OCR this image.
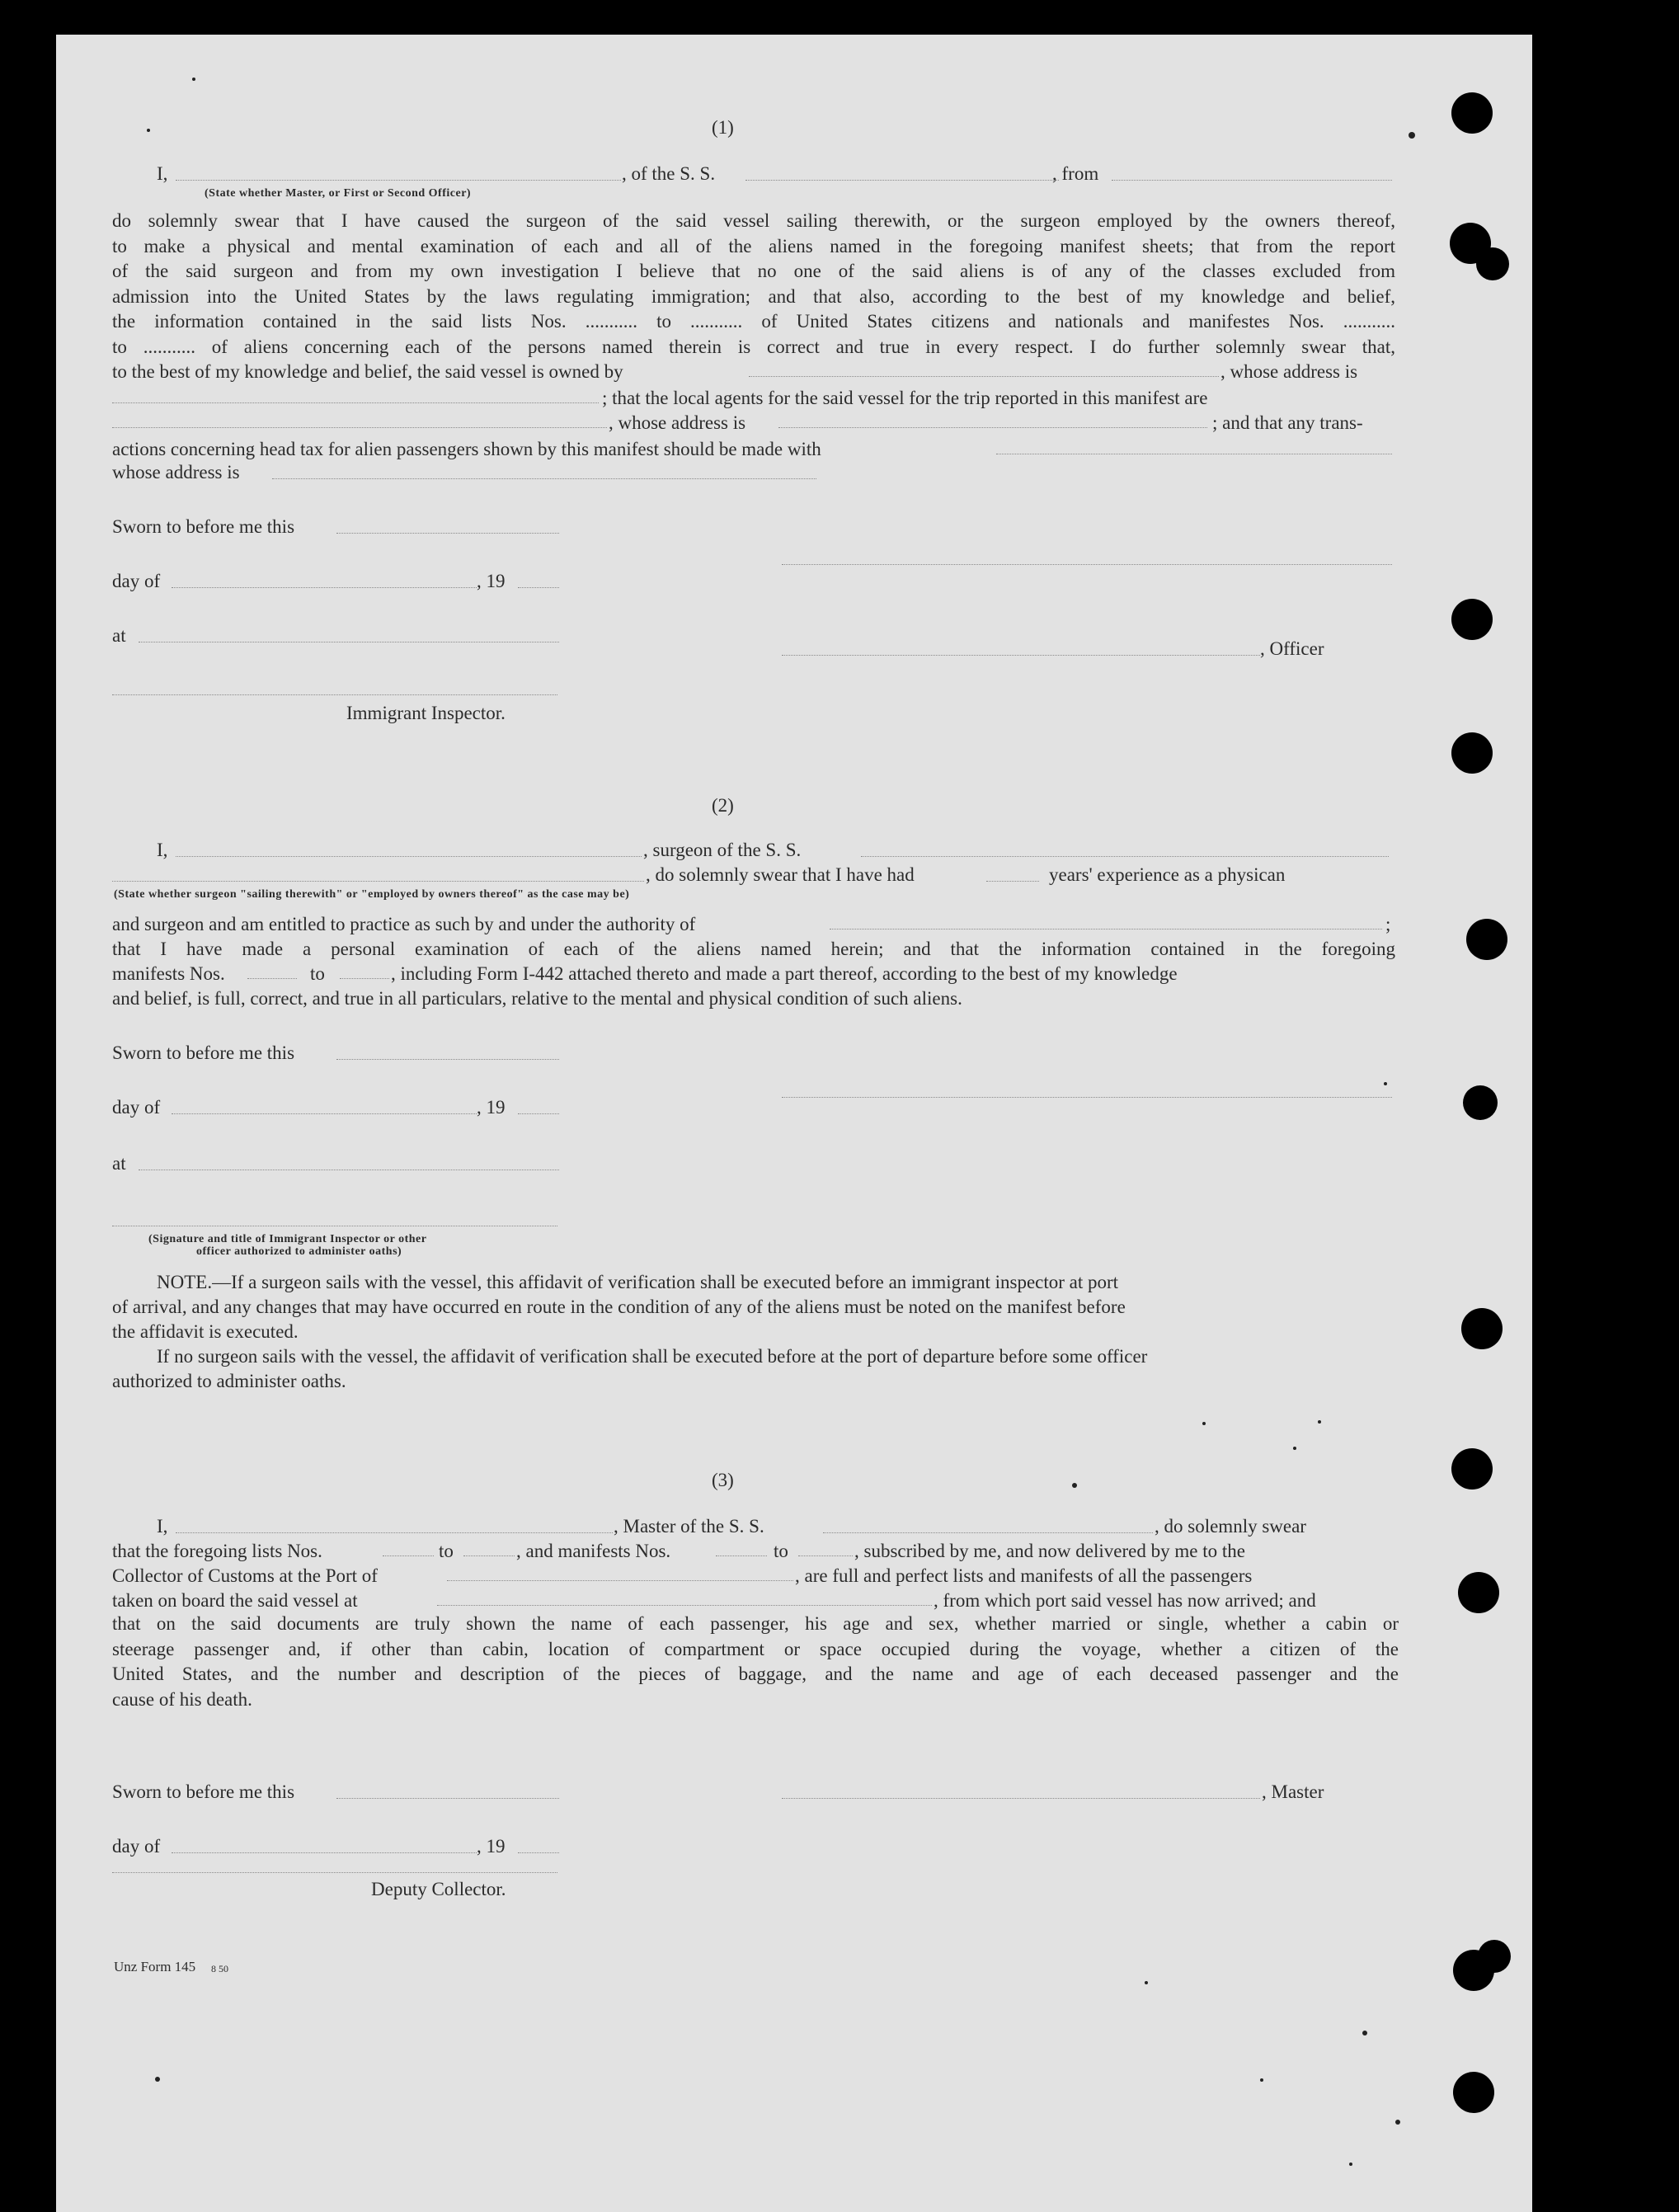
(1)
I,	, of the S. S.	, from
(State whether Master, or First or Second Officer)
do solemnly swear that I have caused the surgeon of the said vessel sailing therewith, or the surgeon employed by the owners thereof,
to make a physical and mental examination of each and all of the aliens named in the foregoing manifest sheets; that from the report
of the said surgeon and from my own investigation I believe that no one of the said aliens is of any of the classes excluded from
admission into the United States by the laws regulating immigration; and that also, according to the best of my knowledge and belief,
the information contained in the said lists Nos. ........... to ........... of United States citizens and nationals and manifestes Nos. ...........
to ........... of aliens concerning each of the persons named therein is correct and true in every respect. I do further solemnly swear that,
to the best of my knowledge and belief, the said vessel is owned by	, whose address is
; that the local agents for the said vessel for the trip reported in this manifest are
, whose address is	; and that any trans-
actions concerning head tax for alien passengers shown by this manifest should be made with
whose address is
Sworn to before me this
day of	, 19
at
, Officer
Immigrant Inspector.
(2)
I,	, surgeon of the S. S.
, do solemnly swear that I have had	years' experience as a physican
(State whether surgeon "sailing therewith" or "employed by owners thereof" as the case may be)
and surgeon and am entitled to practice as such by and under the authority of	;
that I have made a personal examination of each of the aliens named herein; and that the information contained in the foregoing
manifests Nos.	to	, including Form I-442 attached thereto and made a part thereof, according to the best of my knowledge
and belief, is full, correct, and true in all particulars, relative to the mental and physical condition of such aliens.
Sworn to before me this
day of	, 19
at
(Signature and title of Immigrant Inspector or other
officer authorized to administer oaths)
NOTE.—If a surgeon sails with the vessel, this affidavit of verification shall be executed before an immigrant inspector at port
of arrival, and any changes that may have occurred en route in the condition of any of the aliens must be noted on the manifest before
the affidavit is executed.
If no surgeon sails with the vessel, the affidavit of verification shall be executed before at the port of departure before some officer
authorized to administer oaths.
(3)
I,	, Master of the S. S.	, do solemnly swear
that the foregoing lists Nos.	to	, and manifests Nos.	to	, subscribed by me, and now delivered by me to the
Collector of Customs at the Port of	, are full and perfect lists and manifests of all the passengers
taken on board the said vessel at	, from which port said vessel has now arrived; and
that on the said documents are truly shown the name of each passenger, his age and sex, whether married or single, whether a cabin or
steerage passenger and, if other than cabin, location of compartment or space occupied during the voyage, whether a citizen of the
United States, and the number and description of the pieces of baggage, and the name and age of each deceased passenger and the
cause of his death.
Sworn to before me this	, Master
day of	, 19
Deputy Collector.
Unz Form 145 8 50
